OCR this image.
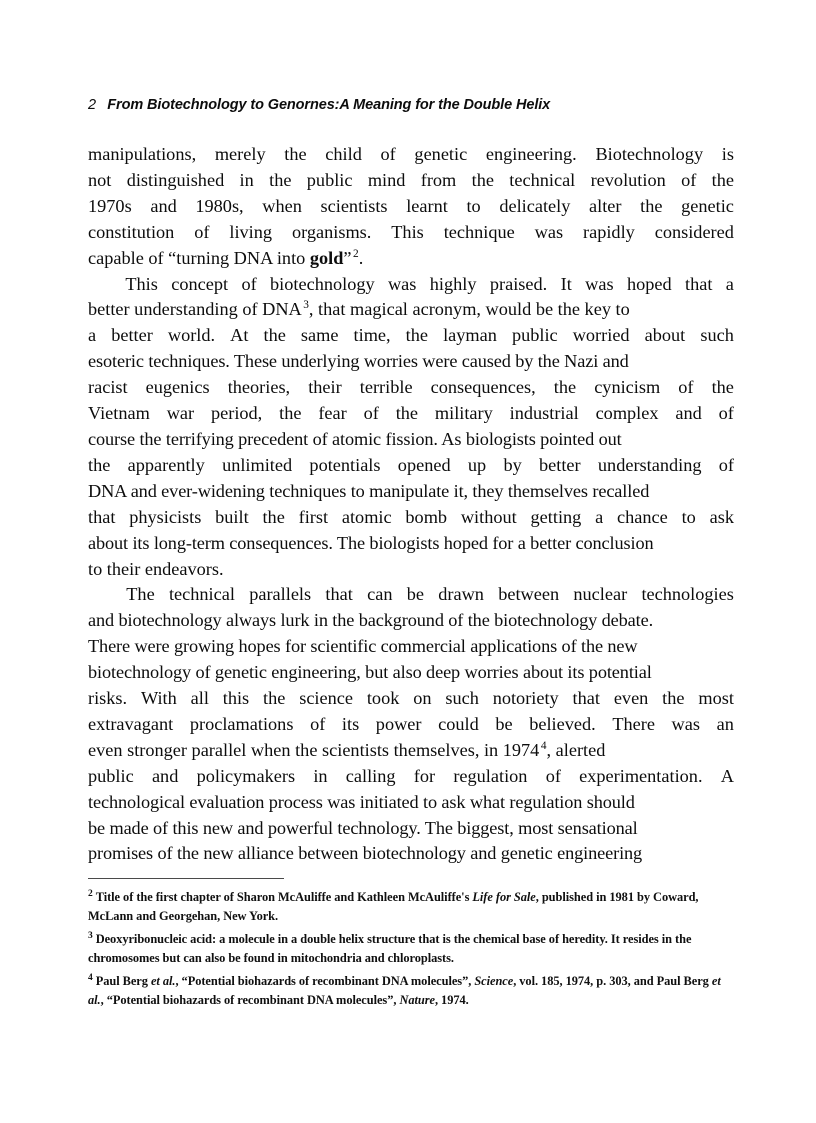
2 From Biotechnology to Genornes:A Meaning for the Double Helix

manipulations, merely the child of genetic engineering. Biotechnology is
not distinguished in the public mind from the technical revolution of the
1970s and 1980s, when scientists learnt to delicately alter the genetic
constitution of living organisms. This technique was rapidly considered
capable of “turning DNA into gold” $^2$.

This concept of biotechnology was highly praised. It was hoped that a
better understanding of DNA $^3$, that magical acronym, would be the key to
a better world. At the same time, the layman public worried about such
esoteric techniques. These underlying worries were caused by the Nazi and
racist eugenics theories, their terrible consequences, the cynicism of the
Vietnam war period, the fear of the military industrial complex and of
course the terrifying precedent of atomic fission. As biologists pointed out
the apparently unlimited potentials opened up by better understanding of
DNA and ever-widening techniques to manipulate it, they themselves recalled
that physicists built the first atomic bomb without getting a chance to ask
about its long-term consequences. The biologists hoped for a better conclusion
to their endeavors.

The technical parallels that can be drawn between nuclear technologies
and biotechnology always lurk in the background of the biotechnology debate.
There were growing hopes for scientific commercial applications of the new
biotechnology of genetic engineering, but also deep worries about its potential
risks. With all this the science took on such notoriety that even the most
extravagant proclamations of its power could be believed. There was an
even stronger parallel when the scientists themselves, in 1974 $^4$, alerted
public and policymakers in calling for regulation of experimentation. A
technological evaluation process was initiated to ask what regulation should
be made of this new and powerful technology. The biggest, most sensational
promises of the new alliance between biotechnology and genetic engineering

$^2$ Title of the first chapter of Sharon McAuliffe and Kathleen McAuliffe's Life for Sale, published in 1981 by Coward, McLann and Georgehan, New York.

$^3$ Deoxyribonucleic acid: a molecule in a double helix structure that is the chemical base of heredity. It resides in the chromosomes but can also be found in mitochondria and chloroplasts.

$^4$ Paul Berg et al., “Potential biohazards of recombinant DNA molecules”, Science, vol. 185, 1974, p. 303, and Paul Berg et al., “Potential biohazards of recombinant DNA molecules”, Nature, 1974.
